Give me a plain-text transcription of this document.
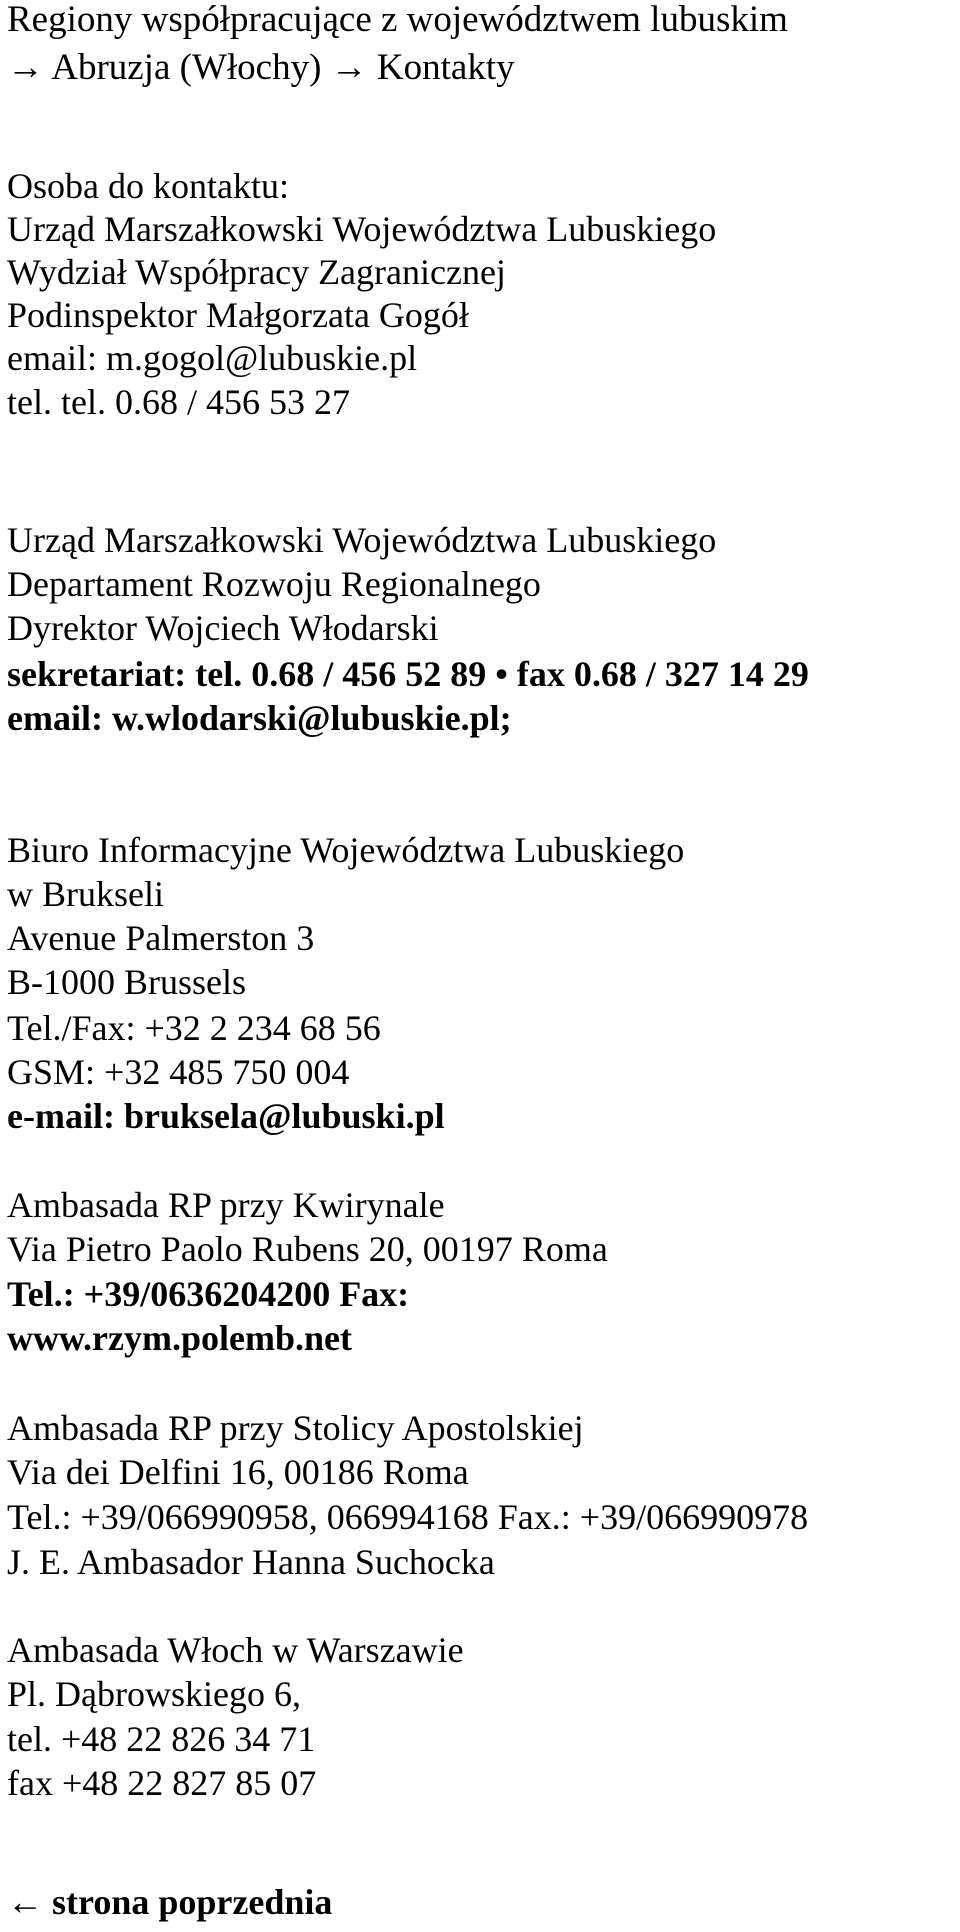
Regiony współpracujące z województwem lubuskim
→ Abruzja (Włochy) → Kontakty
Osoba do kontaktu:
Urząd Marszałkowski Województwa Lubuskiego
Wydział Współpracy Zagranicznej
Podinspektor Małgorzata Gogół
email: m.gogol@lubuskie.pl
tel. tel. 0.68 / 456 53 27
Urząd Marszałkowski Województwa Lubuskiego
Departament Rozwoju Regionalnego
Dyrektor Wojciech Włodarski
sekretariat: tel. 0.68 / 456 52 89 • fax 0.68 / 327 14 29
email: w.wlodarski@lubuskie.pl;
Biuro Informacyjne Województwa Lubuskiego
w Brukseli
Avenue Palmerston 3
B-1000 Brussels
Tel./Fax: +32 2 234 68 56
GSM: +32 485 750 004
e-mail: bruksela@lubuski.pl
Ambasada RP przy Kwirynale
Via Pietro Paolo Rubens 20, 00197 Roma
Tel.: +39/0636204200 Fax:
www.rzym.polemb.net
Ambasada RP przy Stolicy Apostolskiej
Via dei Delfini 16, 00186 Roma
Tel.: +39/066990958, 066994168 Fax.: +39/066990978
J. E. Ambasador Hanna Suchocka
Ambasada Włoch w Warszawie
Pl. Dąbrowskiego 6,
tel. +48 22 826 34 71
fax +48 22 827 85 07
← strona poprzednia
